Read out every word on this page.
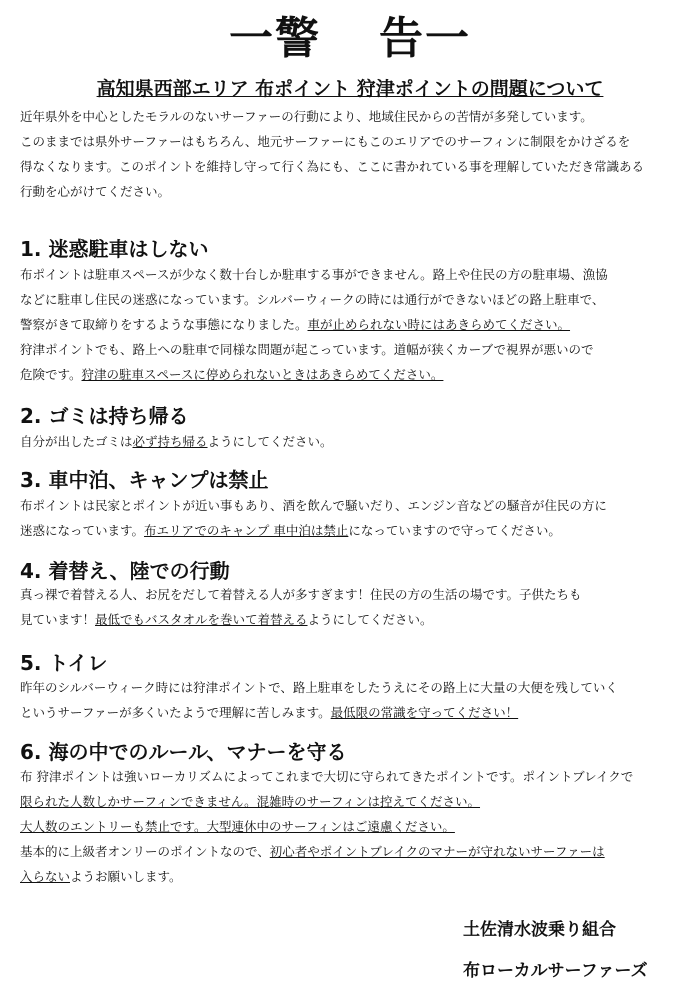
一警 告一
高知県西部エリア 布ポイント 狩津ポイントの問題について
近年県外を中心としたモラルのないサーファーの行動により、地域住民からの苦情が多発しています。
このままでは県外サーファーはもちろん、地元サーファーにもこのエリアでのサーフィンに制限をかけざるを
得なくなります。このポイントを維持し守って行く為にも、ここに書かれている事を理解していただき常識ある
行動を心がけてください。
1. 迷惑駐車はしない
布ポイントは駐車スペースが少なく数十台しか駐車する事ができません。路上や住民の方の駐車場、漁協
などに駐車し住民の迷惑になっています。シルバーウィークの時には通行ができないほどの路上駐車で、
警察がきて取締りをするような事態になりました。車が止められない時にはあきらめてください。
狩津ポイントでも、路上への駐車で同様な問題が起こっています。道幅が狭くカーブで視界が悪いので
危険です。狩津の駐車スペースに停められないときはあきらめてください。
2. ゴミは持ち帰る
自分が出したゴミは必ず持ち帰るようにしてください。
3. 車中泊、キャンプは禁止
布ポイントは民家とポイントが近い事もあり、酒を飲んで騒いだり、エンジン音などの騒音が住民の方に
迷惑になっています。布エリアでのキャンプ 車中泊は禁止になっていますので守ってください。
4. 着替え、陸での行動
真っ裸で着替える人、お尻をだして着替える人が多すぎます！住民の方の生活の場です。子供たちも
見ています！最低でもバスタオルを巻いて着替えるようにしてください。
5. トイレ
昨年のシルバーウィーク時には狩津ポイントで、路上駐車をしたうえにその路上に大量の大便を残していく
というサーファーが多くいたようで理解に苦しみます。最低限の常識を守ってください！
6. 海の中でのルール、マナーを守る
布 狩津ポイントは強いローカリズムによってこれまで大切に守られてきたポイントです。ポイントブレイクで
限られた人数しかサーフィンできません。混雑時のサーフィンは控えてください。
大人数のエントリーも禁止です。大型連休中のサーフィンはご遠慮ください。
基本的に上級者オンリーのポイントなので、初心者やポイントブレイクのマナーが守れないサーファーは
入らないようお願いします。
土佐清水波乗り組合
布ローカルサーファーズ
